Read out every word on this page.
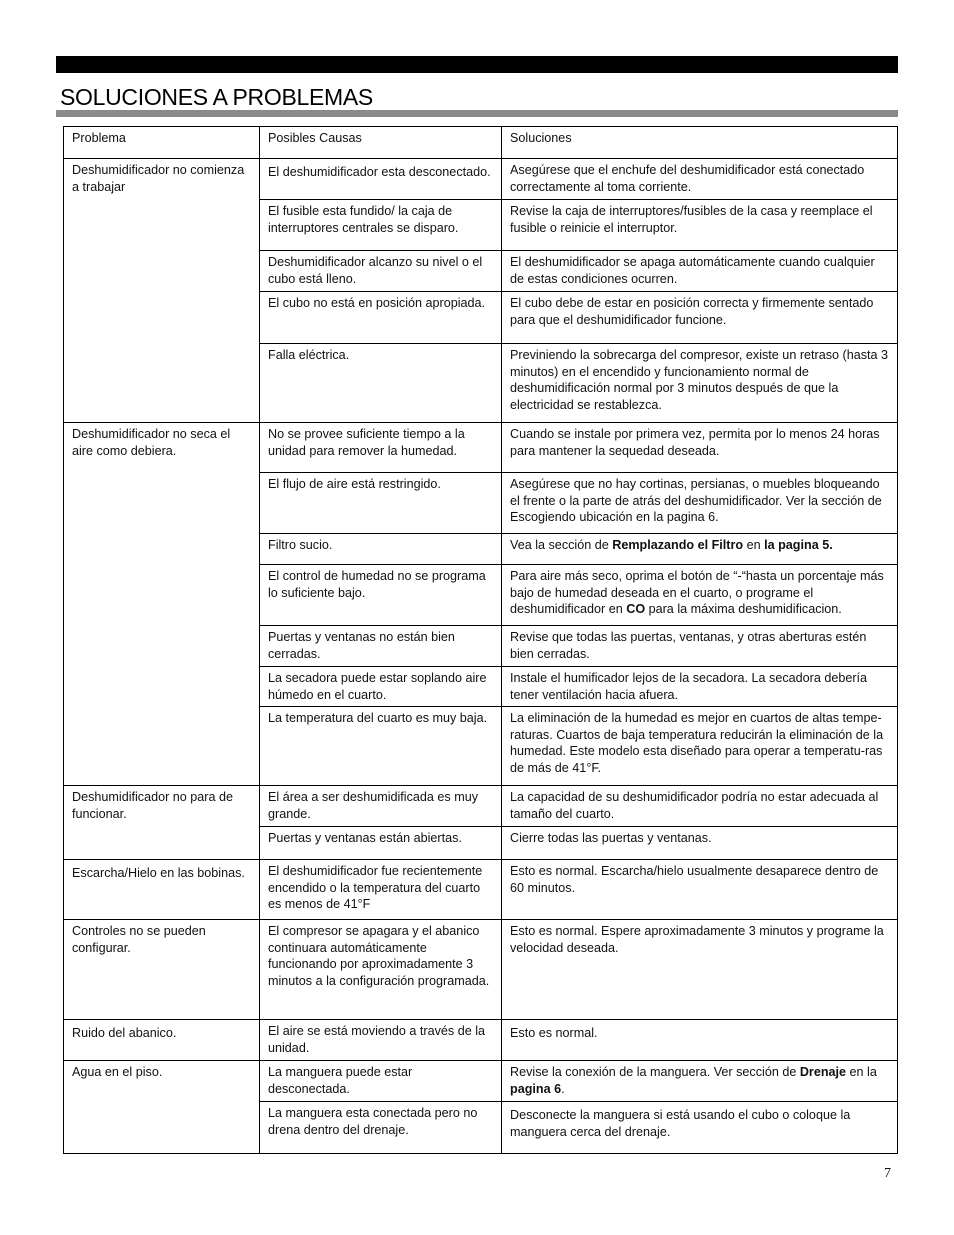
SOLUCIONES A PROBLEMAS
Problema	Posibles Causas	Soluciones
Deshumidificador no comienza a trabajar	El deshumidificador esta desconectado.	Asegúrese que el enchufe del deshumidificador está conectado correctamente al toma corriente.
	El fusible esta fundido/ la caja de interruptores centrales se disparo.	Revise la caja de interruptores/fusibles de la casa y reemplace el fusible o reinicie el interruptor.
	Deshumidificador alcanzo su nivel o el cubo está lleno.	El deshumidificador se apaga automáticamente cuando cualquier de estas condiciones ocurren.
	El cubo no está en posición apropiada.	El cubo debe de estar en posición correcta y firmemente sentado para que el deshumidificador funcione.
	Falla eléctrica.	Previniendo la sobrecarga del compresor, existe un retraso (hasta 3 minutos) en el encendido y funcionamiento normal de deshumidificación normal por 3 minutos después de que la electricidad se restablezca.
Deshumidificador no seca el aire como debiera.	No se provee suficiente tiempo a la unidad para remover la humedad.	Cuando se instale por primera vez, permita por lo menos 24 horas para mantener la sequedad deseada.
	El flujo de aire está restringido.	Asegúrese que no hay cortinas, persianas, o muebles bloqueando el frente o la parte de atrás del deshumidificador. Ver la sección de Escogiendo ubicación en la pagina 6.
	Filtro sucio.	Vea la sección de Remplazando el Filtro en la pagina 5.
	El control de humedad no se programa lo suficiente bajo.	Para aire más seco, oprima el botón de “-“hasta un porcentaje más bajo de humedad deseada en el cuarto, o programe el deshumidificador en CO para la máxima deshumidificacion.
	Puertas y ventanas no están bien cerradas.	Revise que todas las puertas, ventanas, y otras aberturas estén bien cerradas.
	La secadora puede estar soplando aire húmedo en el cuarto.	Instale el humificador lejos de la secadora. La secadora debería tener ventilación hacia afuera.
	La temperatura del cuarto es muy baja.	La eliminación de la humedad es mejor en cuartos de altas tempe-raturas. Cuartos de baja temperatura reducirán la eliminación de la humedad. Este modelo esta diseñado para operar a temperatu-ras de más de 41°F.
Deshumidificador no para de funcionar.	El área a ser deshumidificada es muy grande.	La capacidad de su deshumidificador podría no estar adecuada al tamaño del cuarto.
	Puertas y ventanas están abiertas.	Cierre todas las puertas y ventanas.
Escarcha/Hielo en las bobinas.	El deshumidificador fue recientemente encendido o la temperatura del cuarto es menos de 41°F	Esto es normal. Escarcha/hielo usualmente desaparece dentro de 60 minutos.
Controles no se pueden configurar.	El compresor se apagara y el abanico continuara automáticamente funcionando por aproximadamente 3 minutos a la configuración programada.	Esto es normal. Espere aproximadamente 3 minutos y programe la velocidad deseada.
Ruido del abanico.	El aire se está moviendo a través de la unidad.	Esto es normal.
Agua en el piso.	La manguera puede estar desconectada.	Revise la conexión de la manguera. Ver sección de Drenaje en la pagina 6.
	La manguera esta conectada pero no drena dentro del drenaje.	Desconecte la manguera si está usando el cubo o coloque la manguera cerca del drenaje.
7
